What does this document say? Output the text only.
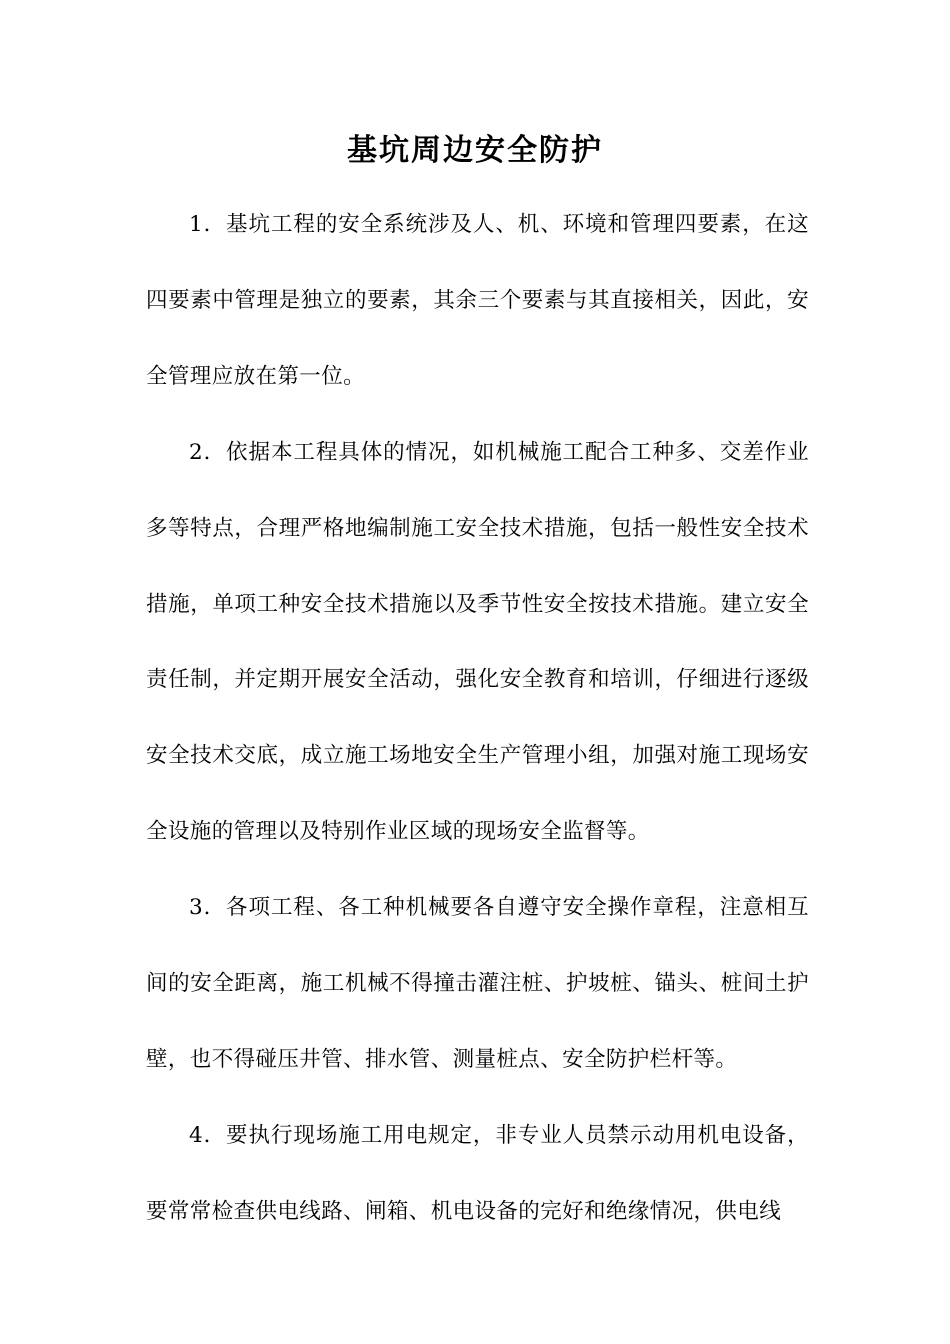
基坑周边安全防护

1．基坑工程的安全系统涉及人、机、环境和管理四要素，在这四要素中管理是独立的要素，其余三个要素与其直接相关，因此，安全管理应放在第一位。

2．依据本工程具体的情况，如机械施工配合工种多、交差作业多等特点，合理严格地编制施工安全技术措施，包括一般性安全技术措施，单项工种安全技术措施以及季节性安全按技术措施。建立安全责任制，并定期开展安全活动，强化安全教育和培训，仔细进行逐级安全技术交底，成立施工场地安全生产管理小组，加强对施工现场安全设施的管理以及特别作业区域的现场安全监督等。

3．各项工程、各工种机械要各自遵守安全操作章程，注意相互间的安全距离，施工机械不得撞击灌注桩、护坡桩、锚头、桩间土护壁，也不得碰压井管、排水管、测量桩点、安全防护栏杆等。

4．要执行现场施工用电规定，非专业人员禁示动用机电设备，要常常检查供电线路、闸箱、机电设备的完好和绝缘情况，供电线
